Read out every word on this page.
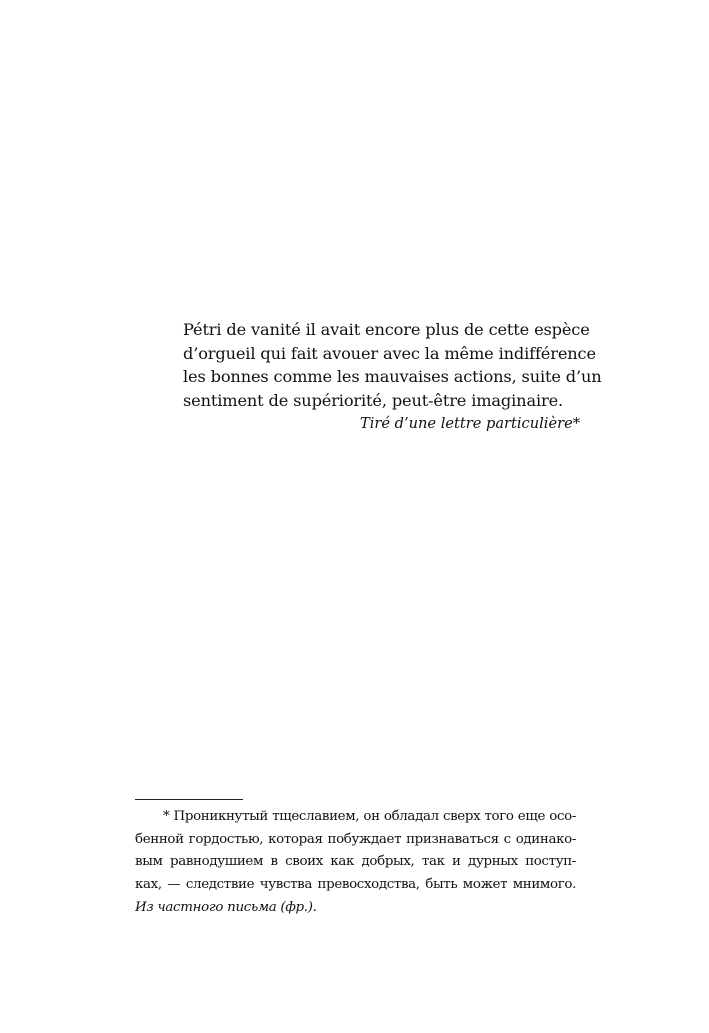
Pétri de vanité il avait encore plus de cette espèce
d’orgueil qui fait avouer avec la même indifférence
les bonnes comme les mauvaises actions, suite d’un
sentiment de supériorité, peut-être imaginaire.
Tiré d’une lettre particulière*
* Проникнутый тщеславием, он обладал сверх того еще осо-
бенной гордостью, которая побуждает признаваться с одинако-
вым равнодушием в своих как добрых, так и дурных поступ-
ках, — следствие чувства превосходства, быть может мнимого.
Из частного письма (фр.).
